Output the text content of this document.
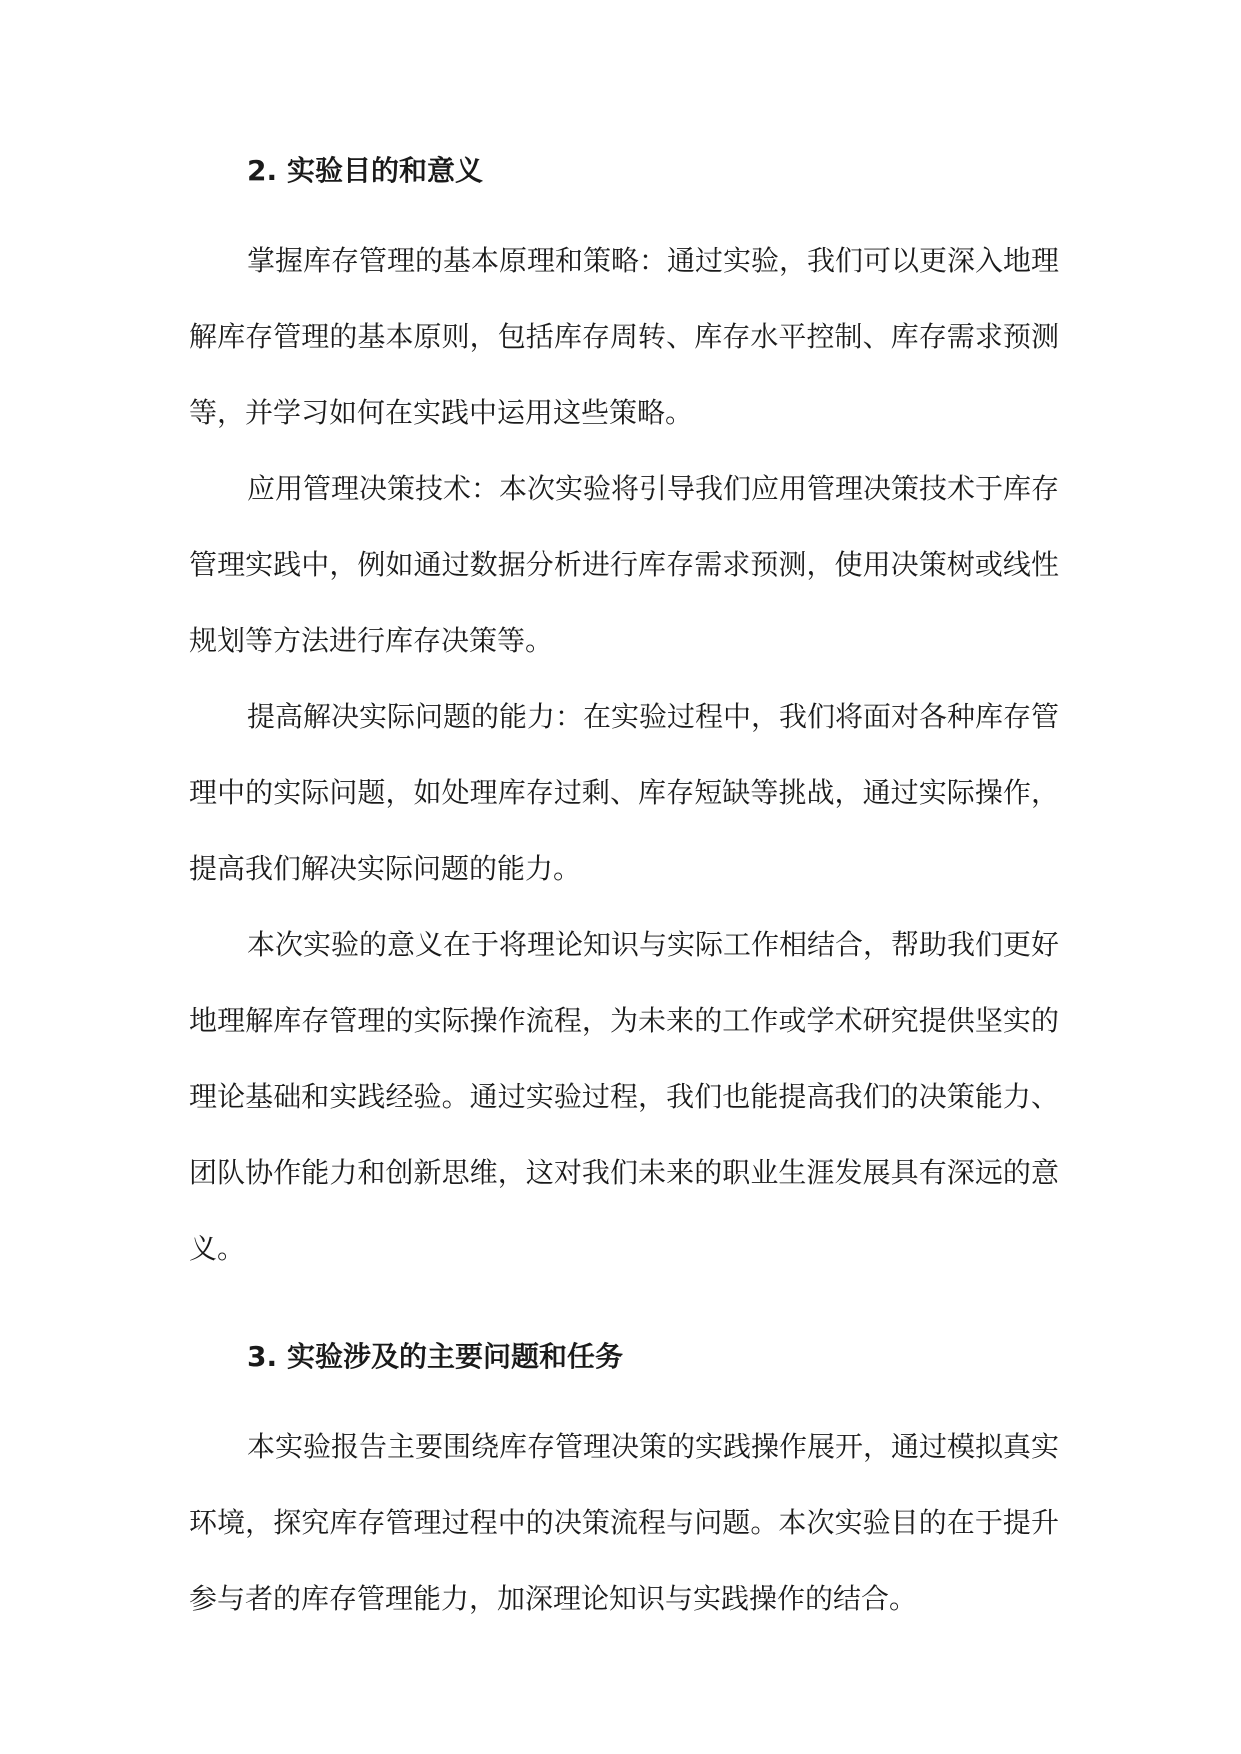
2. 实验目的和意义

掌握库存管理的基本原理和策略：通过实验，我们可以更深入地理解库存管理的基本原则，包括库存周转、库存水平控制、库存需求预测等，并学习如何在实践中运用这些策略。

应用管理决策技术：本次实验将引导我们应用管理决策技术于库存管理实践中，例如通过数据分析进行库存需求预测，使用决策树或线性规划等方法进行库存决策等。

提高解决实际问题的能力：在实验过程中，我们将面对各种库存管理中的实际问题，如处理库存过剩、库存短缺等挑战，通过实际操作，提高我们解决实际问题的能力。

本次实验的意义在于将理论知识与实际工作相结合，帮助我们更好地理解库存管理的实际操作流程，为未来的工作或学术研究提供坚实的理论基础和实践经验。通过实验过程，我们也能提高我们的决策能力、团队协作能力和创新思维，这对我们未来的职业生涯发展具有深远的意义。

3. 实验涉及的主要问题和任务

本实验报告主要围绕库存管理决策的实践操作展开，通过模拟真实环境，探究库存管理过程中的决策流程与问题。本次实验目的在于提升参与者的库存管理能力，加深理论知识与实践操作的结合。
